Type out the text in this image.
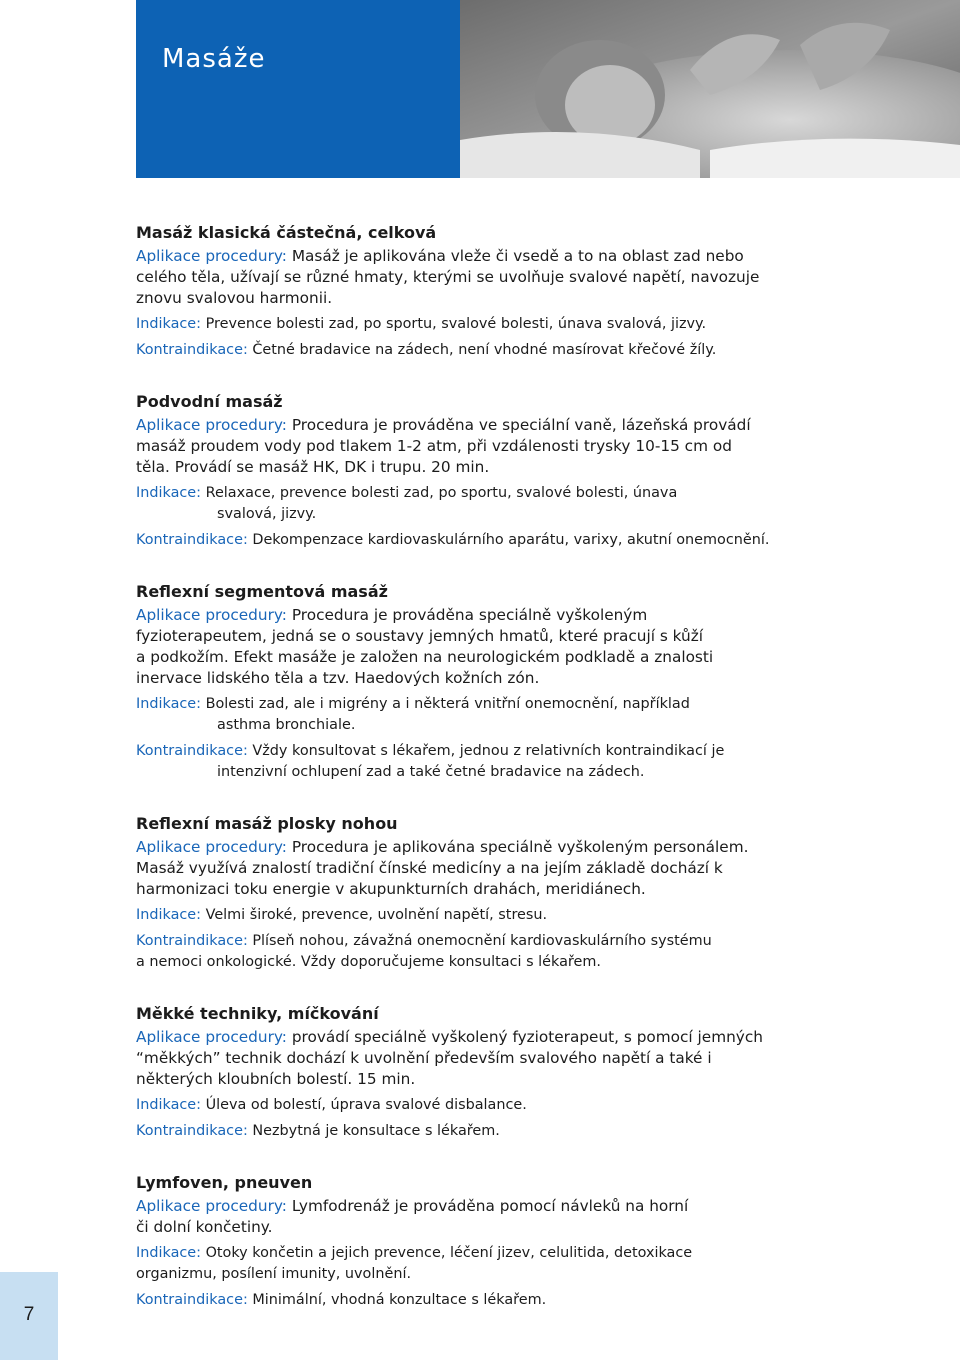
Masáže

Masáž klasická částečná, celková

Aplikace procedury: Masáž je aplikována vleže či vsedě a to na oblast zad nebo
celého těla, užívají se různé hmaty, kterými se uvolňuje svalové napětí, navozuje
znovu svalovou harmonii.

Indikace: Prevence bolesti zad, po sportu, svalové bolesti, únava svalová, jizvy.

Kontraindikace: Četné bradavice na zádech, není vhodné masírovat křečové žíly.

Podvodní masáž

Aplikace procedury: Procedura je prováděna ve speciální vaně, lázeňská provádí
masáž proudem vody pod tlakem 1-2 atm, při vzdálenosti trysky 10-15 cm od
těla. Provádí se masáž HK, DK i trupu. 20 min.

Indikace: Relaxace, prevence bolesti zad, po sportu, svalové bolesti, únava
svalová, jizvy.

Kontraindikace: Dekompenzace kardiovaskulárního aparátu, varixy, akutní onemocnění.

Reflexní segmentová masáž

Aplikace procedury: Procedura je prováděna speciálně vyškoleným
fyzioterapeutem, jedná se o soustavy jemných hmatů, které pracují s kůží
a podkožím. Efekt masáže je založen na neurologickém podkladě a znalosti
inervace lidského těla a tzv. Haedových kožních zón.

Indikace: Bolesti zad, ale i migrény a i některá vnitřní onemocnění, například
asthma bronchiale.

Kontraindikace: Vždy konsultovat s lékařem, jednou z relativních kontraindikací je
intenzivní ochlupení zad a také četné bradavice na zádech.

Reflexní masáž plosky nohou

Aplikace procedury: Procedura je aplikována speciálně vyškoleným personálem.
Masáž využívá znalostí tradiční čínské medicíny a na jejím základě dochází k
harmonizaci toku energie v akupunkturních drahách, meridiánech.

Indikace: Velmi široké, prevence, uvolnění napětí, stresu.

Kontraindikace: Plíseň nohou, závažná onemocnění kardiovaskulárního systému
a nemoci onkologické. Vždy doporučujeme konsultaci s lékařem.

Měkké techniky, míčkování

Aplikace procedury: provádí speciálně vyškolený fyzioterapeut, s pomocí jemných
“měkkých” technik dochází k uvolnění především svalového napětí a také i
některých kloubních bolestí. 15 min.

Indikace: Úleva od bolestí, úprava svalové disbalance.

Kontraindikace: Nezbytná je konsultace s lékařem.

Lymfoven, pneuven

Aplikace procedury: Lymfodrenáž je prováděna pomocí návleků na horní
či dolní končetiny.

Indikace: Otoky končetin a jejich prevence, léčení jizev, celulitida, detoxikace
organizmu, posílení imunity, uvolnění.

Kontraindikace: Minimální, vhodná konzultace s lékařem.

7
